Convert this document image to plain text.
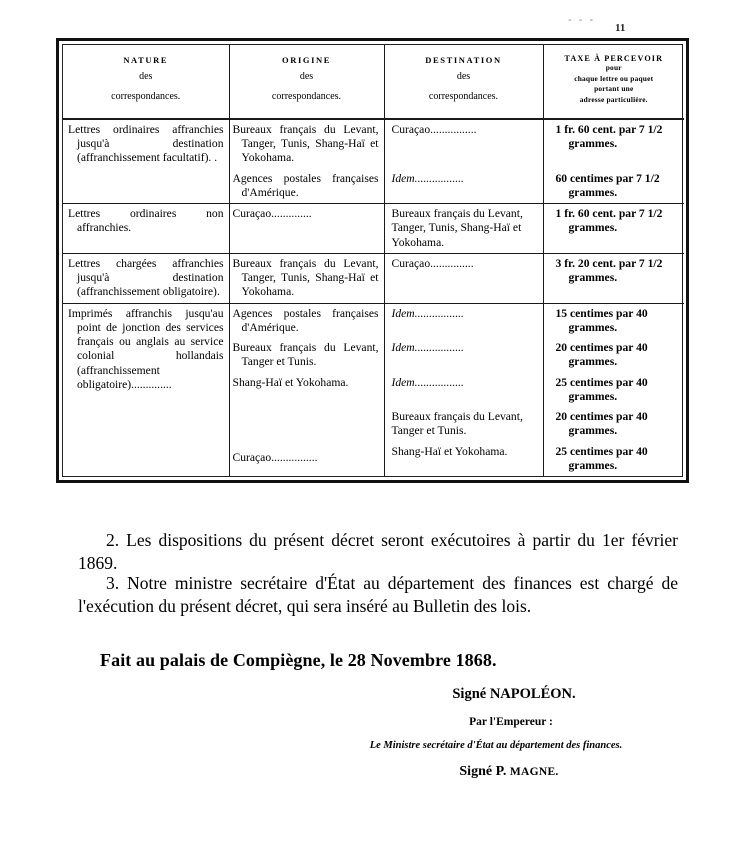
- - -
11
NATURE
des
correspondances.

ORIGINE
des
correspondances.

DESTINATION
des
correspondances.

TAXE À PERCEVOIR
pour
chaque lettre ou paquet
portant une
adresse particulière.

Lettres ordinaires affranchies jusqu'à destination (affranchissement facultatif). .	Bureaux français du Levant, Tanger, Tunis, Shang-Haï et Yokohama.	Curaçao................	1 fr. 60 cent. par 7 1/2
grammes.

	Agences postales françaises d'Amérique.	Idem.................	60 centimes par 7 1/2
grammes.

Lettres ordinaires non affranchies.	Curaçao..............	Bureaux français du Levant, Tanger, Tunis, Shang-Haï et Yokohama.	1 fr. 60 cent. par 7 1/2
grammes.

Lettres chargées affranchies jusqu'à destination (affranchissement obligatoire).	Bureaux français du Levant, Tanger, Tunis, Shang-Haï et Yokohama.	Curaçao...............	3 fr. 20 cent. par 7 1/2
grammes.

Imprimés affranchis jusqu'au point de jonction des services français ou anglais au service colonial hollandais (affranchissement obligatoire)..............	Agences postales françaises d'Amérique.	Idem.................	15 centimes par 40
grammes.

	Bureaux français du Levant, Tanger et Tunis.	Idem.................	20 centimes par 40
grammes.

	Shang-Haï et Yokohama.	Idem.................	25 centimes par 40
grammes.

	Curaçao................	Bureaux français du Levant, Tanger et Tunis.	20 centimes par 40
grammes.

		Shang-Haï et Yokohama.	25 centimes par 40
grammes.

2. Les dispositions du présent décret seront exécutoires à partir du 1er février 1869.

3. Notre ministre secrétaire d'État au département des finances est chargé de l'exécution du présent décret, qui sera inséré au Bulletin des lois.

Fait au palais de Compiègne, le 28 Novembre 1868.
Signé NAPOLÉON.
Par l'Empereur :
Le Ministre secrétaire d'État au département des finances.
Signé P. MAGNE.
